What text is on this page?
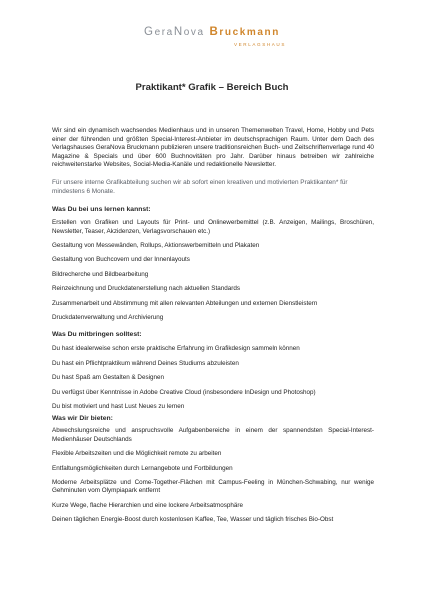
GeraNova Bruckmann
VERLAGSHAUS
Praktikant* Grafik – Bereich Buch

Wir sind ein dynamisch wachsendes Medienhaus und in unseren Themenwelten Travel, Home, Hobby und Pets einer der führenden und größten Special-Interest-Anbieter im deutschsprachigen Raum. Unter dem Dach des Verlagshauses GeraNova Bruckmann publizieren unsere traditionsreichen Buch- und Zeitschriftenverlage rund 40 Magazine & Specials und über 600 Buchnovitäten pro Jahr. Darüber hinaus betreiben wir zahlreiche reichweitenstarke Websites, Social-Media-Kanäle und redaktionelle Newsletter.

Für unsere interne Grafikabteilung suchen wir ab sofort einen kreativen und motivierten Praktikanten* für mindestens 6 Monate.

Was Du bei uns lernen kannst:

Erstellen von Grafiken und Layouts für Print- und Onlinewerbemittel (z.B. Anzeigen, Mailings, Broschüren, Newsletter, Teaser, Akzidenzen, Verlagsvorschauen etc.)

Gestaltung von Messewänden, Rollups, Aktionswerbemitteln und Plakaten

Gestaltung von Buchcovern und der Innenlayouts

Bildrecherche und Bildbearbeitung

Reinzeichnung und Druckdatenerstellung nach aktuellen Standards

Zusammenarbeit und Abstimmung mit allen relevanten Abteilungen und externen Dienstleistern

Druckdatenverwaltung und Archivierung

Was Du mitbringen solltest:

Du hast idealerweise schon erste praktische Erfahrung im Grafikdesign sammeln können

Du hast ein Pflichtpraktikum während Deines Studiums abzuleisten

Du hast Spaß am Gestalten & Designen

Du verfügst über Kenntnisse in Adobe Creative Cloud (insbesondere InDesign und Photoshop)

Du bist motiviert und hast Lust Neues zu lernen

Was wir Dir bieten:

Abwechslungsreiche und anspruchsvolle Aufgabenbereiche in einem der spannendsten Special-Interest-Medienhäuser Deutschlands

Flexible Arbeitszeiten und die Möglichkeit remote zu arbeiten

Entfaltungsmöglichkeiten durch Lernangebote und Fortbildungen

Moderne Arbeitsplätze und Come-Together-Flächen mit Campus-Feeling in München-Schwabing, nur wenige Gehminuten vom Olympiapark entfernt

Kurze Wege, flache Hierarchien und eine lockere Arbeitsatmosphäre

Deinen täglichen Energie-Boost durch kostenlosen Kaffee, Tee, Wasser und täglich frisches Bio-Obst
